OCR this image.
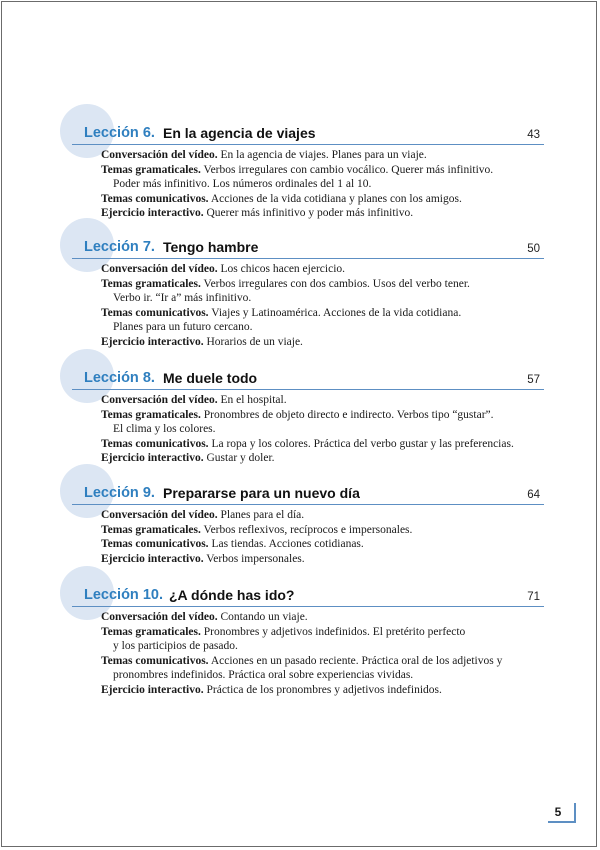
Lección 6. En la agencia de viajes	43

Conversación del vídeo. En la agencia de viajes. Planes para un viaje.

Temas gramaticales. Verbos irregulares con cambio vocálico. Querer más infinitivo.

Poder más infinitivo. Los números ordinales del 1 al 10.

Temas comunicativos. Acciones de la vida cotidiana y planes con los amigos.

Ejercicio interactivo. Querer más infinitivo y poder más infinitivo.

Lección 7. Tengo hambre	50

Conversación del vídeo. Los chicos hacen ejercicio.

Temas gramaticales. Verbos irregulares con dos cambios. Usos del verbo tener.

Verbo ir. “Ir a” más infinitivo.

Temas comunicativos. Viajes y Latinoamérica. Acciones de la vida cotidiana.

Planes para un futuro cercano.

Ejercicio interactivo. Horarios de un viaje.

Lección 8. Me duele todo	57

Conversación del vídeo. En el hospital.

Temas gramaticales. Pronombres de objeto directo e indirecto. Verbos tipo “gustar”.

El clima y los colores.

Temas comunicativos. La ropa y los colores. Práctica del verbo gustar y las preferencias.

Ejercicio interactivo. Gustar y doler.

Lección 9. Prepararse para un nuevo día	64

Conversación del vídeo. Planes para el día.

Temas gramaticales. Verbos reflexivos, recíprocos e impersonales.

Temas comunicativos. Las tiendas. Acciones cotidianas.

Ejercicio interactivo. Verbos impersonales.

Lección 10. ¿A dónde has ido?	71

Conversación del vídeo. Contando un viaje.

Temas gramaticales. Pronombres y adjetivos indefinidos. El pretérito perfecto

y los participios de pasado.

Temas comunicativos. Acciones en un pasado reciente. Práctica oral de los adjetivos y

pronombres indefinidos. Práctica oral sobre experiencias vividas.

Ejercicio interactivo. Práctica de los pronombres y adjetivos indefinidos.

5
